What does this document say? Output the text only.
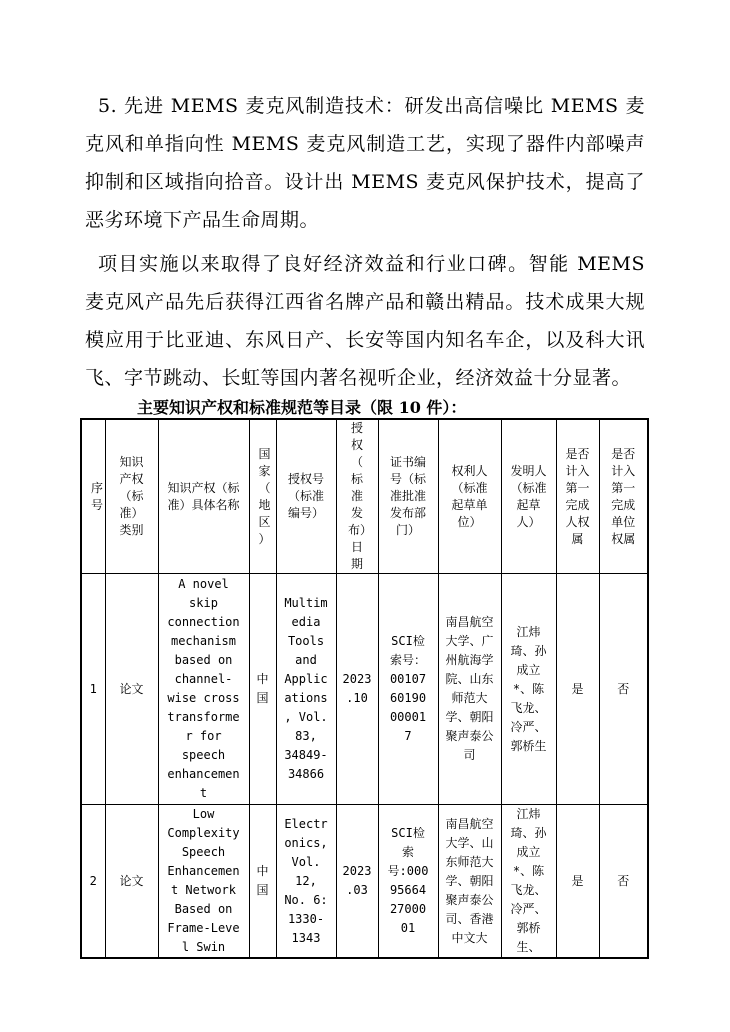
5. 先进 MEMS 麦克风制造技术：研发出高信噪比 MEMS 麦克风和单指向性 MEMS 麦克风制造工艺，实现了器件内部噪声抑制和区域指向拾音。设计出 MEMS 麦克风保护技术，提高了恶劣环境下产品生命周期。

项目实施以来取得了良好经济效益和行业口碑。智能 MEMS 麦克风产品先后获得江西省名牌产品和赣出精品。技术成果大规模应用于比亚迪、东风日产、长安等国内知名车企，以及科大讯飞、字节跳动、长虹等国内著名视听企业，经济效益十分显著。

主要知识产权和标准规范等目录（限 10 件）：

序号	知识产权（标准）类别	知识产权（标准）具体名称	国家（地区）	授权号（标准编号）	授权（标准发布）日期	证书编号（标准批准发布部门）	权利人（标准起草单位）	发明人（标准起草人）	是否计入第一完成人权属	是否计入第一完成单位权属
1	论文	A novel skip connection mechanism based on channel-wise cross transformer for speech enhancement	中国	Multimedia Tools and Applications, Vol. 83, 34849-34866	2023.10	SCI检索号：0010760190000017	南昌航空大学、广州航海学院、山东师范大学、朝阳聚声泰公司	江炜琦、孙成立*、陈飞龙、冷严、郭桥生	是	否
2	论文	Low Complexity Speech Enhancement Network Based on Frame-Leve l Swin	中国	Electronics, Vol. 12, No. 6: 1330-1343	2023.03	SCI检索号:000956642700001	南昌航空大学、山东师范大学、朝阳聚声泰公司、香港中文大	江炜琦、孙成立*、陈飞龙、冷严、郭桥生、	是	否
